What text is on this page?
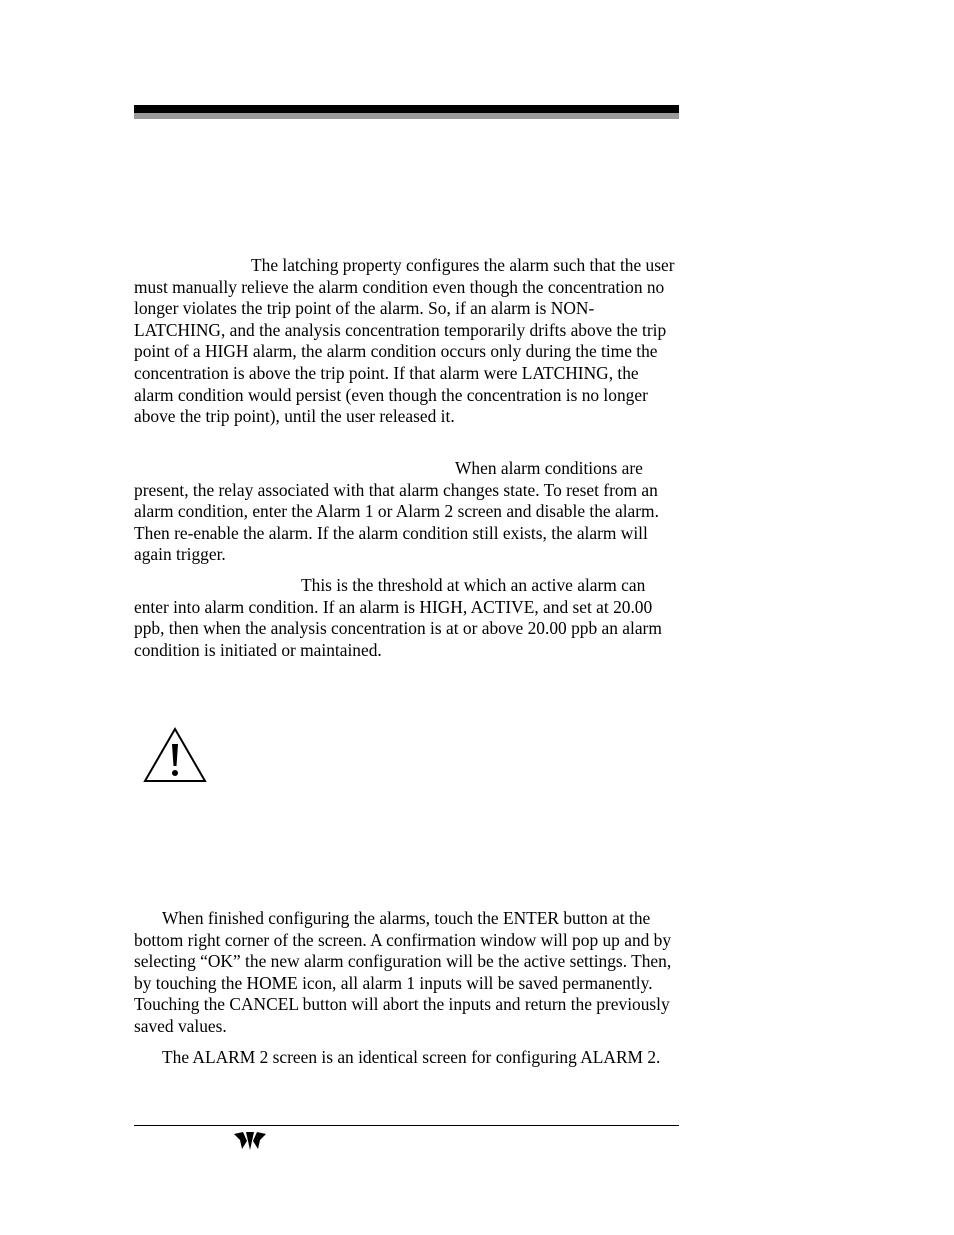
The latching property configures the alarm such that the user must manually relieve the alarm condition even though the concentration no longer violates the trip point of the alarm. So, if an alarm is NON-LATCHING, and the analysis concentration temporarily drifts above the trip point of a HIGH alarm, the alarm condition occurs only during the time the concentration is above the trip point. If that alarm were LATCHING, the alarm condition would persist (even though the concentration is no longer above the trip point), until the user released it.

When alarm conditions are present, the relay associated with that alarm changes state. To reset from an alarm condition, enter the Alarm 1 or Alarm 2 screen and disable the alarm. Then re-enable the alarm. If the alarm condition still exists, the alarm will again trigger.

This is the threshold at which an active alarm can enter into alarm condition. If an alarm is HIGH, ACTIVE, and set at 20.00 ppb, then when the analysis concentration is at or above 20.00 ppb an alarm condition is initiated or maintained.

When finished configuring the alarms, touch the ENTER button at the bottom right corner of the screen. A confirmation window will pop up and by selecting “OK” the new alarm configuration will be the active settings. Then, by touching the HOME icon, all alarm 1 inputs will be saved permanently. Touching the CANCEL button will abort the inputs and return the previously saved values.

The ALARM 2 screen is an identical screen for configuring ALARM 2.
